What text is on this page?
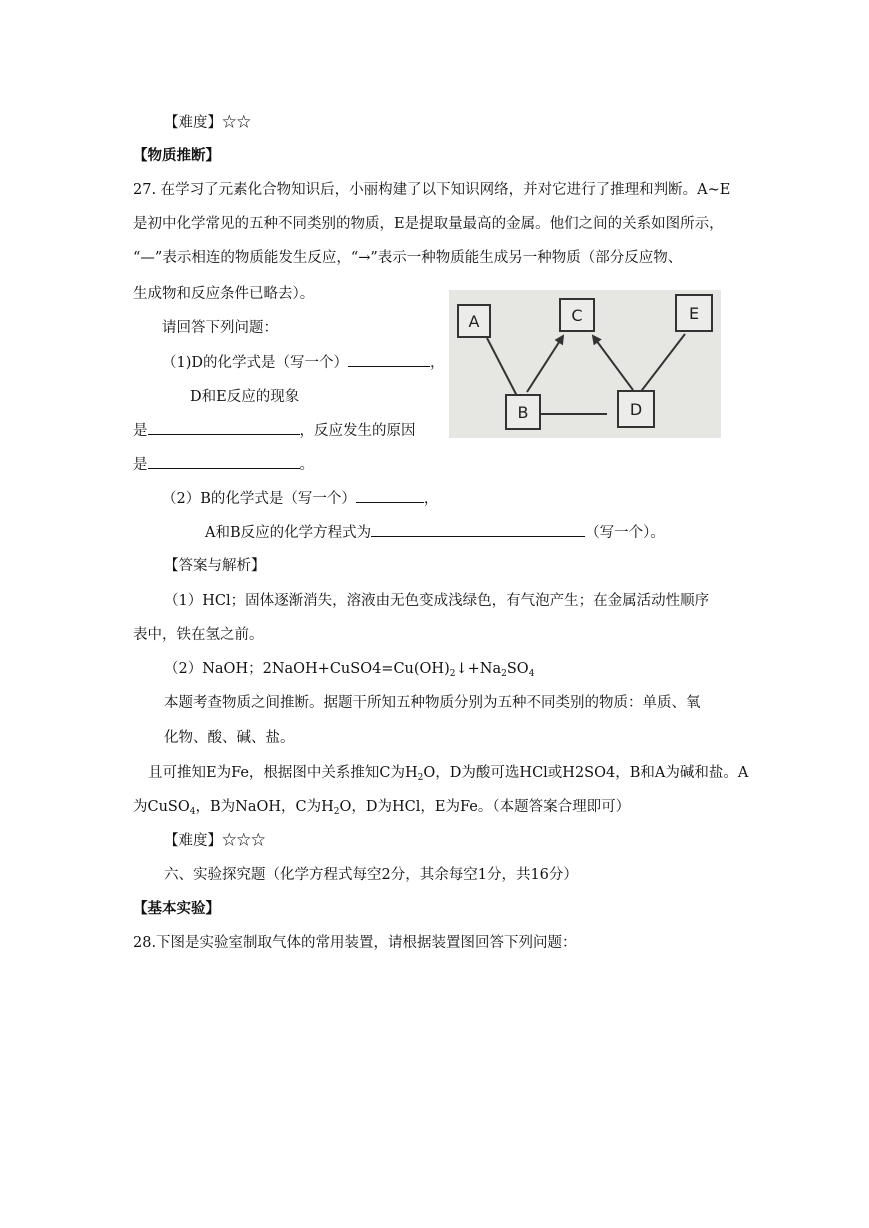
【难度】☆☆
【物质推断】
27. 在学习了元素化合物知识后，小丽构建了以下知识网络，并对它进行了推理和判断。A~E
是初中化学常见的五种不同类别的物质，E是提取量最高的金属。他们之间的关系如图所示，
“—”表示相连的物质能发生反应，“→”表示一种物质能生成另一种物质（部分反应物、
生成物和反应条件已略去）。
请回答下列问题：
（1)D的化学式是（写一个）	，
D和E反应的现象
是	，反应发生的原因
是	。
（2）B的化学式是（写一个）	，
A和B反应的化学方程式为	（写一个）。
A	C	E
B	D
【答案与解析】
（1）HCl；固体逐渐消失，溶液由无色变成浅绿色，有气泡产生；在金属活动性顺序
表中，铁在氢之前。
（2）NaOH；$2NaOH+CuSO4=Cu(OH)_2↓+Na_2SO_4$
本题考查物质之间推断。据题干所知五种物质分别为五种不同类别的物质：单质、氧
化物、酸、碱、盐。
且可推知E为Fe，根据图中关系推知C为$H_2O$，D为酸可选HCl或H2SO4，B和A为碱和盐。A
为CuSO$_4$，B为NaOH，C为$H_2O$，D为HCl，E为Fe。（本题答案合理即可）
【难度】☆☆☆
六、实验探究题（化学方程式每空2分，其余每空1分，共16分）
【基本实验】
28.下图是实验室制取气体的常用装置，请根据装置图回答下列问题：
